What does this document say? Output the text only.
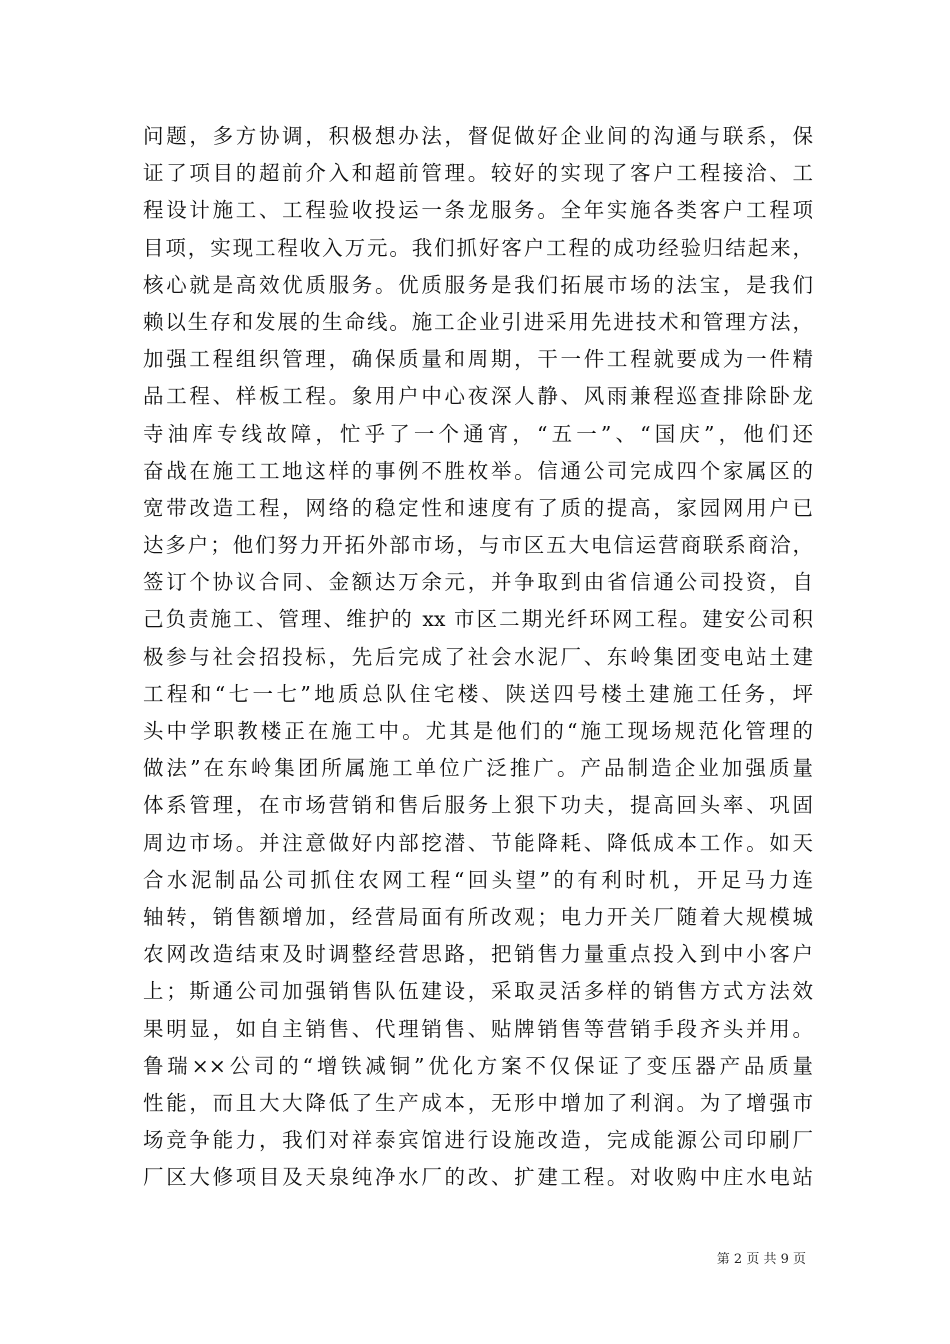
问题，多方协调，积极想办法，督促做好企业间的沟通与联系，保
证了项目的超前介入和超前管理。较好的实现了客户工程接洽、工
程设计施工、工程验收投运一条龙服务。全年实施各类客户工程项
目项，实现工程收入万元。我们抓好客户工程的成功经验归结起来，
核心就是高效优质服务。优质服务是我们拓展市场的法宝，是我们
赖以生存和发展的生命线。施工企业引进采用先进技术和管理方法，
加强工程组织管理，确保质量和周期，干一件工程就要成为一件精
品工程、样板工程。象用户中心夜深人静、风雨兼程巡查排除卧龙
寺油库专线故障，忙乎了一个通宵，“五一”、“国庆”，他们还
奋战在施工工地这样的事例不胜枚举。信通公司完成四个家属区的
宽带改造工程，网络的稳定性和速度有了质的提高，家园网用户已
达多户；他们努力开拓外部市场，与市区五大电信运营商联系商洽，
签订个协议合同、金额达万余元，并争取到由省信通公司投资，自
己负责施工、管理、维护的 xx 市区二期光纤环网工程。建安公司积
极参与社会招投标，先后完成了社会水泥厂、东岭集团变电站土建
工程和“七一七”地质总队住宅楼、陕送四号楼土建施工任务，坪
头中学职教楼正在施工中。尤其是他们的“施工现场规范化管理的
做法”在东岭集团所属施工单位广泛推广。产品制造企业加强质量
体系管理，在市场营销和售后服务上狠下功夫，提高回头率、巩固
周边市场。并注意做好内部挖潜、节能降耗、降低成本工作。如天
合水泥制品公司抓住农网工程“回头望”的有利时机，开足马力连
轴转，销售额增加，经营局面有所改观；电力开关厂随着大规模城
农网改造结束及时调整经营思路，把销售力量重点投入到中小客户
上；斯通公司加强销售队伍建设，采取灵活多样的销售方式方法效
果明显，如自主销售、代理销售、贴牌销售等营销手段齐头并用。
鲁瑞××公司的“增铁减铜”优化方案不仅保证了变压器产品质量
性能，而且大大降低了生产成本，无形中增加了利润。为了增强市
场竞争能力，我们对祥泰宾馆进行设施改造，完成能源公司印刷厂
厂区大修项目及天泉纯净水厂的改、扩建工程。对收购中庄水电站
第 2 页 共 9 页
